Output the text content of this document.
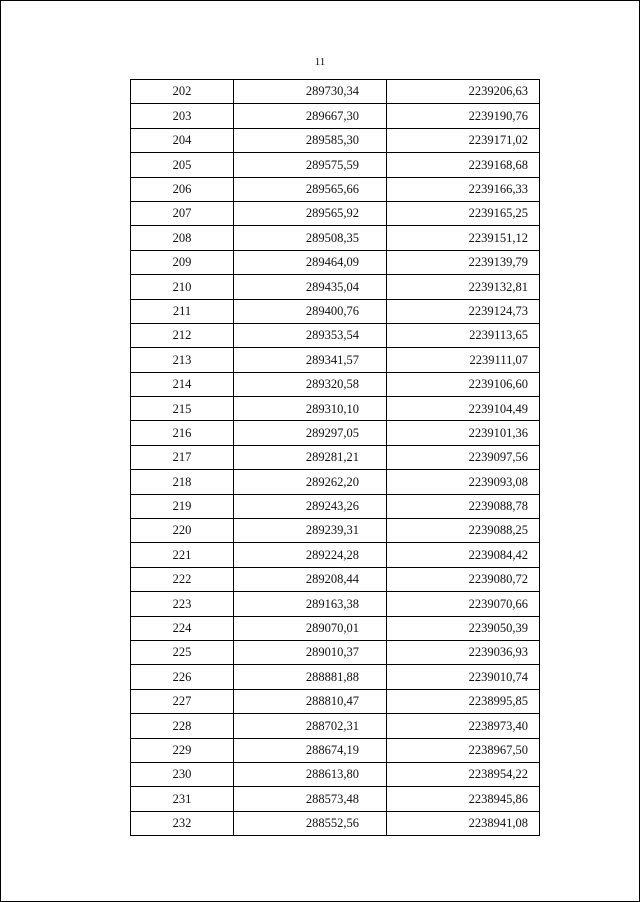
11
202	289730,34	2239206,63
203	289667,30	2239190,76
204	289585,30	2239171,02
205	289575,59	2239168,68
206	289565,66	2239166,33
207	289565,92	2239165,25
208	289508,35	2239151,12
209	289464,09	2239139,79
210	289435,04	2239132,81
211	289400,76	2239124,73
212	289353,54	2239113,65
213	289341,57	2239111,07
214	289320,58	2239106,60
215	289310,10	2239104,49
216	289297,05	2239101,36
217	289281,21	2239097,56
218	289262,20	2239093,08
219	289243,26	2239088,78
220	289239,31	2239088,25
221	289224,28	2239084,42
222	289208,44	2239080,72
223	289163,38	2239070,66
224	289070,01	2239050,39
225	289010,37	2239036,93
226	288881,88	2239010,74
227	288810,47	2238995,85
228	288702,31	2238973,40
229	288674,19	2238967,50
230	288613,80	2238954,22
231	288573,48	2238945,86
232	288552,56	2238941,08
